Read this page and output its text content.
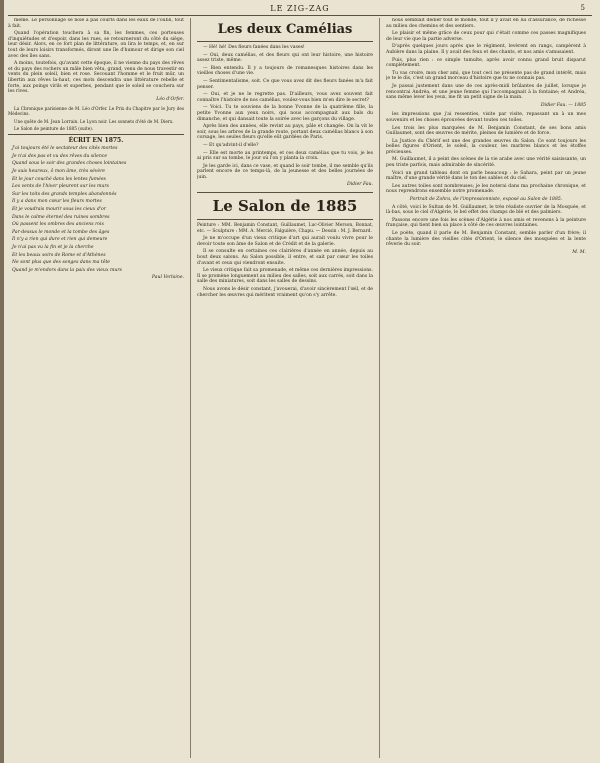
LE ZIG-ZAG	5

même. Le personnage se noie à pas courts dans les eaux de l'oubli, tout à fait.

Quand l'opération touchera à sa fin, les femmes, ces porteuses d'inquiétudes et d'espoir, dans les rues, se retourneront du côté du siège, leur désir. Alors, en ce fort plan de littérature, on lira le temps, et, en sur tout de leurs loisirs transformés, diront une île d'humour et dirige son ciel avec des îles sans.

A moins, toutefois, qu'avant cette époque, il ne vienne du pays des rêves et du pays des rochers un mâle bien vêtu, grand, venu de nous travestir en vents du plein soleil, bien et rose. Secouant l'homme et le fruit mûr, un libertin aux rêves la-haut, ces mots descendra une littérature rebelle et forte, aux poings virils et superbes, pendant que le soleil se couchera sur les rives.

Léo d'Orfer.

La Chronique parisienne de M. Léo d'Orfer. Le Prix du Chapitre par le Jury des Médecins.

Une quête de M. Jean Lorrain. Le Lyon noir. Les sonnets d'été de M. Dierx.

Le Salon de peinture de 1885 (suite).

ÉCRIT EN 1875.

J'ai toujours été le sectateur des cités mortes

Je n'ai des pas et vu des rêves du silence

Quand sous le soir des grandes choses lointaines

Je suis heureux, ô mon âme, très sévère

Et le jour couché dans les lentes fumées

Les vents de l'hiver pleurent sur les murs

Sur les toits des grands temples abandonnés

Il y a dans mon cœur les fleurs mortes

Et je voudrais mourir sous les cieux d'or

Dans le calme éternel des ruines sombres

Où passent les ombres des anciens rois

Par-dessus le monde et la tombe des âges

Il n'y a rien qui dure et rien qui demeure

Je n'ai pas vu la fin et je la cherche

Et les beaux soirs de Rome et d'Athènes

Ne sont plus que des songes dans ma tête

Quand je m'endors dans la paix des vieux murs

Paul Verlaine.

Les deux Camélias

— Hé! hé! Des fleurs fanées dans les vases!

— Oui, deux camélias, et des fleurs qui ont leur histoire, une histoire assez triste, même.

— Bien entendu. Il y a toujours de romanesques histoires dans les vieilles choses d'une vie.

— Sentimentalisme, soit. Ce que vous avez dit des fleurs fanées m'a fait penser.

— Oui, et je ne le regrette pas. D'ailleurs, vous avez souvent fait connaître l'histoire de nos camélias, voulez-vous bien m'en dire le secret?

— Voici. Tu te souviens de la bonne Yvonne de la quatrième fille, la petite Yvonne aux yeux noirs, qui nous accompagnait aux bals du dimanche, et qui dansait toute la soirée avec les garçons du village.

Après bien des années, elle revint au pays, pâle et changée. On la vit le soir, sous les arbres de la grande route, portant deux camélias blancs à son corsage, les seules fleurs qu'elle eût gardées de Paris.

— Et qu'advint-il d'elle?

— Elle est morte au printemps, et ces deux camélias que tu vois, je les ai pris sur sa tombe, le jour où l'on y planta la croix.

Je les garde ici, dans ce vase, et quand le soir tombe, il me semble qu'ils parlent encore de ce temps-là, de la jeunesse et des belles journées de juin.

Didier Fau.

Le Salon de 1885

Peinture : MM. Benjamin Constant, Guillaumet, Luc-Olivier Merson, Bonnat, etc. — Sculpture : MM. A. Mercié, Falguière, Chapu. — Dessin : M. J. Bernard.

Je ne m'occupe d'un vieux critique d'art qui aurait voulu vivre pour le devoir toute son âme de Salon et de Crédit et de la galerie.

Il se consulte en certaines ces clairières d'année en année, depuis au bout deux salons. Au Salon possible, il entre, et sait par cœur les toiles d'avant et ceux qui viendront ensuite.

Le vieux critique fait sa promenade, et même ces dernières impressions. Il se promène longuement au milieu des salles, soit aux carrés, soit dans la salle des miniatures, soit dans les salles de dessins.

Nous avons le désir constant, j'avouerai, d'avoir sincèrement l'œil, et de chercher les œuvres qui méritent vraiment qu'on s'y arrête.

nous semblait dédier tout le monde, tout il y avait en lui d'assurance, de richesse au milieu des chemins et des sentiers.

Le plaisir et même grâce de ceux pour qui c'était comme ces passes magnifiques de leur vie que la partie adverse.

D'après quelques jours après que le régiment, levèrent en rangs, campèrent à Aubière dans la plaine. Il y avait des feux et des chants, et nos amis s'amusaient.

Puis, plus rien : ce simple tumulte, après avoir connu grand bruit disparut complètement.

Tu vas croire, mon cher ami, que tout ceci ne présente pas de grand intérêt, mais je te le dis, c'est un grand morceau d'histoire que tu ne connais pas.

Je passai justement dans une de ces après-midi brûlantes de juillet, lorsque je rencontrai Andréa, et une jeune femme qui l'accompagnait à la fontaine; et Andréa, sans même lever les yeux, me fit un petit signe de la main.

Didier Fau. — 1885

les impressions que j'ai ressenties, visite par visite, repassant un à un mes souvenirs et les choses éprouvées devant toutes ces toiles.

Les trois les plus marquées de M. Benjamin Constant, de ses bons amis Guillaumet, sont des œuvres de mérite, pleines de lumière et de force.

La Justice du Chérif est une des grandes œuvres du Salon. Ce sont toujours les belles figures d'Orient, le soleil, la couleur, les marbres blancs et les étoffes précieuses.

M. Guillaumet, il a peint des scènes de la vie arabe avec une vérité saisissante, un peu triste parfois, mais admirable de sincérité.

Voici un grand tableau dont on parle beaucoup : le Sahara, peint par un jeune maître, d'une grande vérité dans le ton des sables et du ciel.

Les autres toiles sont nombreuses; je les noterai dans ma prochaine chronique, et nous reprendrons ensemble notre promenade.

Portrait de Zohra, de l'impressionniste, exposé au Salon de 1885.

A côté, voici le Sultan de M. Guillaumet, le très réaliste ouvrier de la Mosquée, et là-bas, sous le ciel d'Algérie, le bel effet des champs de blé et des palmiers.

Passons encore une fois les scènes d'Algérie à nos amis et revenons à la peinture française, qui tient bien sa place à côté de ces œuvres lointaines.

Le poète, quand il parle de M. Benjamin Constant, semble parler d'un frère; il chante la lumière des vieilles cités d'Orient, le silence des mosquées et la lente rêverie du soir.

M. M.
